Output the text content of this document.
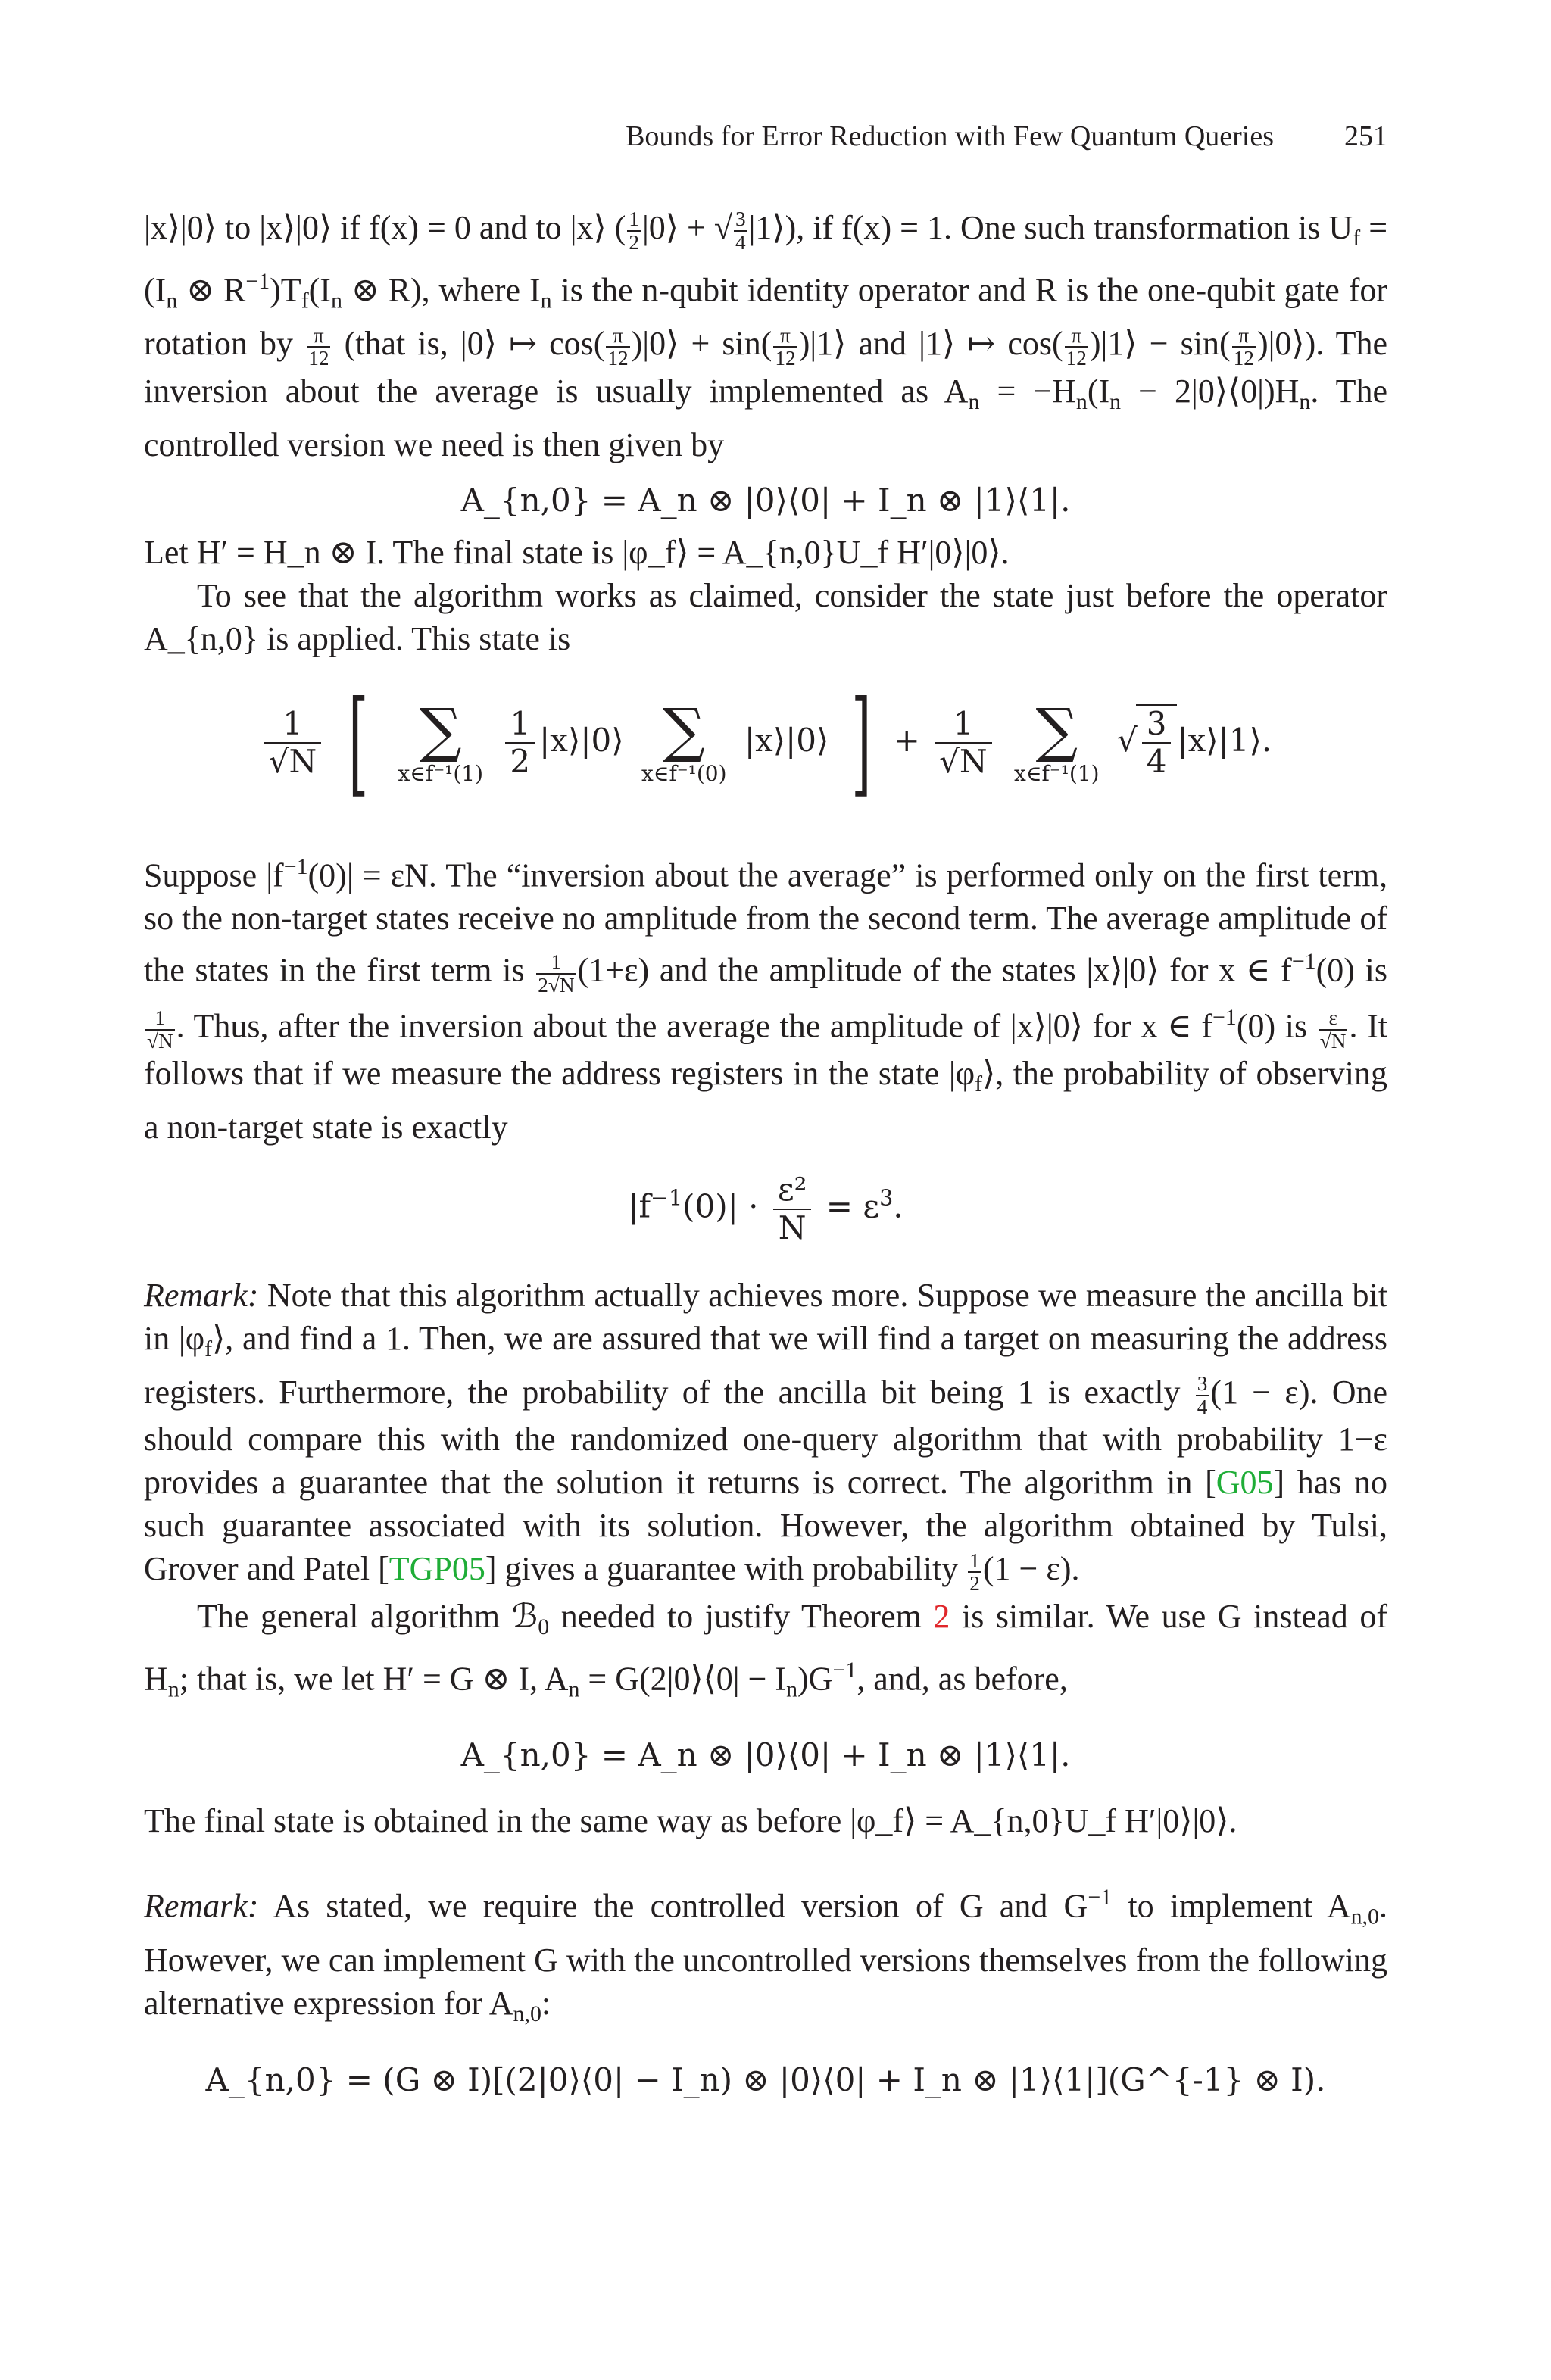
Bounds for Error Reduction with Few Quantum Queries 251

|x⟩|0⟩ to |x⟩|0⟩ if f(x) = 0 and to |x⟩ ( $\frac{1}{2}$ |0⟩ + √ $\frac{3}{4}$ |1⟩), if f(x) = 1. One such transformation is $U_f = (I_n$ ⊗ $R^{-1})T_f(I_n$ ⊗ R), where $I_n$ is the n-qubit identity operator and R is the one-qubit gate for rotation by $\frac{\pi}{12}$ (that is, |0⟩ ↦ $\cos( \frac{\pi}{12}$ )|0⟩ + $\sin( \frac{\pi}{12}$ )|1⟩ and |1⟩ ↦ $\cos( \frac{\pi}{12}$ )|1⟩ − $\sin( \frac{\pi}{12}$ )|0⟩). The inversion about the average is usually implemented as $A_n = -H_n(I_n$ − $2|0⟩⟨0|)H_n$. The controlled version we need is then given by

A_{n,0} = A_n ⊗ |0⟩⟨0| + I_n ⊗ |1⟩⟨1|.

Let H′ = H_n ⊗ I. The final state is |φ_f⟩ = A_{n,0}U_f H′|0⟩|0⟩.

To see that the algorithm works as claimed, consider the state just before the operator A_{n,0} is applied. This state is

$\frac{1}{√N}$ [ ∑
x∈f⁻¹(1)
$\frac{1}{2}$ |x⟩|0⟩ ∑
x∈f⁻¹(0)
|x⟩|0⟩ ] + $\frac{1}{√N}$
∑
x∈f⁻¹(1)
√ $\frac{3}{4}$ |x⟩|1⟩.

Suppose $|f^{-1}(0)| = \varepsilon N$. The “inversion about the average” is performed only on the first term, so the non-target states receive no amplitude from the second term. The average amplitude of the states in the first term is $\frac{1}{2√N} (1+\varepsilon)$ and the amplitude of the states |x⟩|0⟩ for x ∈ $f^{-1}(0)$ is
$\frac{1}{√N}$ . Thus, after the inversion about the average the amplitude of |x⟩|0⟩ for x ∈ $f^{-1}(0)$ is $\frac{\varepsilon}{√N}$ . It follows that if we measure the address registers in the state $|\varphi_f⟩$, the probability of observing a non-target state is exactly

$|f^{-1}(0)| \cdot \frac{\text{ε²}}{N} = \varepsilon^3$.

Remark: Note that this algorithm actually achieves more. Suppose we measure the ancilla bit in $|\varphi_f⟩$, and find a 1. Then, we are assured that we will find a target on measuring the address registers. Furthermore, the probability of the ancilla bit being 1 is exactly $\frac{3}{4} (1 - \varepsilon)$. One should compare this with the randomized one-query algorithm that with probability 1−ε provides a guarantee that the solution it returns is correct. The algorithm in [G05] has no such guarantee associated with its solution. However, the algorithm obtained by Tulsi, Grover and Patel [TGP05] gives a guarantee with probability $\frac{1}{2} (1 - \varepsilon)$.

The general algorithm ℬ$_0$ needed to justify Theorem 2 is similar. We use G instead of $H_n$; that is, we let H′ = G ⊗ I, $A_n$ = G(2|0⟩⟨0| − $I_n)G^{-1}$, and, as before,

A_{n,0} = A_n ⊗ |0⟩⟨0| + I_n ⊗ |1⟩⟨1|.

The final state is obtained in the same way as before |φ_f⟩ = A_{n,0}U_f H′|0⟩|0⟩.

Remark: As stated, we require the controlled version of G and $G^{-1}$ to implement $A_{n,0}$. However, we can implement G with the uncontrolled versions themselves from the following alternative expression for $A_{n,0}$:

A_{n,0} = (G ⊗ I)[(2|0⟩⟨0| − I_n) ⊗ |0⟩⟨0| + I_n ⊗ |1⟩⟨1|](G^{-1} ⊗ I).
